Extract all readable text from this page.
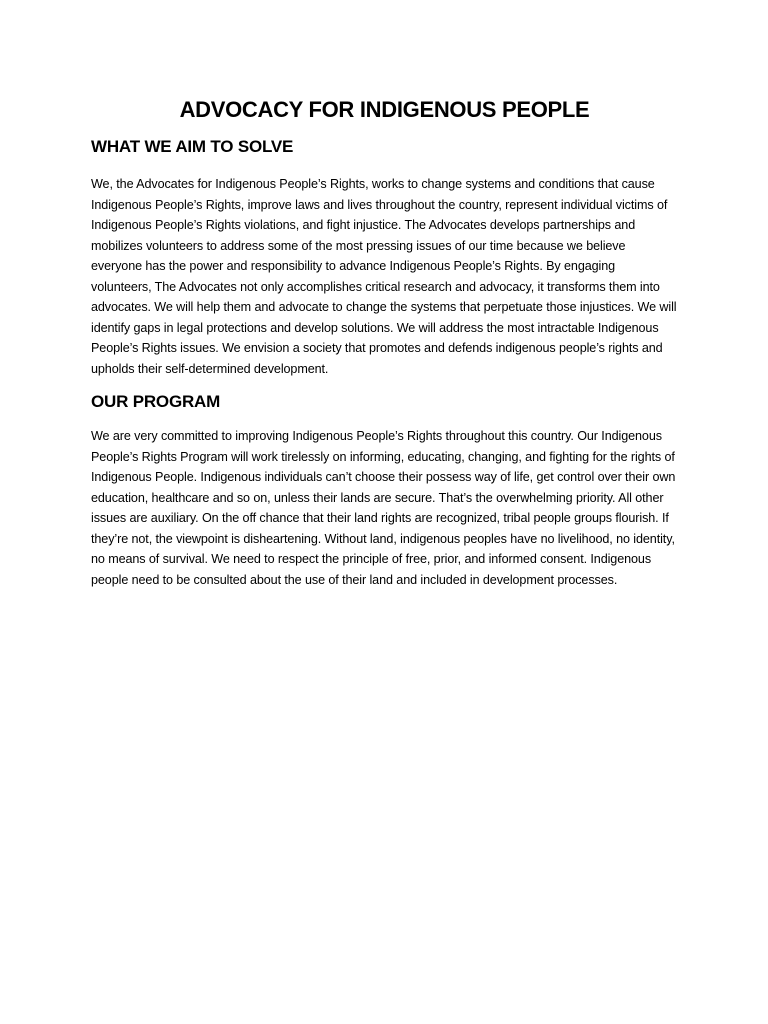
ADVOCACY FOR INDIGENOUS PEOPLE
WHAT WE AIM TO SOLVE

We, the Advocates for Indigenous People’s Rights, works to change systems and conditions that cause Indigenous People’s Rights, improve laws and lives throughout the country, represent individual victims of Indigenous People’s Rights violations, and fight injustice. The Advocates develops partnerships and mobilizes volunteers to address some of the most pressing issues of our time because we believe everyone has the power and responsibility to advance Indigenous People’s Rights. By engaging volunteers, The Advocates not only accomplishes critical research and advocacy, it transforms them into advocates. We will help them and advocate to change the systems that perpetuate those injustices. We will identify gaps in legal protections and develop solutions. We will address the most intractable Indigenous People’s Rights issues. We envision a society that promotes and defends indigenous people’s rights and upholds their self-determined development.

OUR PROGRAM

We are very committed to improving Indigenous People’s Rights throughout this country. Our Indigenous People’s Rights Program will work tirelessly on informing, educating, changing, and fighting for the rights of Indigenous People. Indigenous individuals can’t choose their possess way of life, get control over their own education, healthcare and so on, unless their lands are secure. That’s the overwhelming priority. All other issues are auxiliary. On the off chance that their land rights are recognized, tribal people groups flourish. If they’re not, the viewpoint is disheartening. Without land, indigenous peoples have no livelihood, no identity, no means of survival. We need to respect the principle of free, prior, and informed consent. Indigenous people need to be consulted about the use of their land and included in development processes.
